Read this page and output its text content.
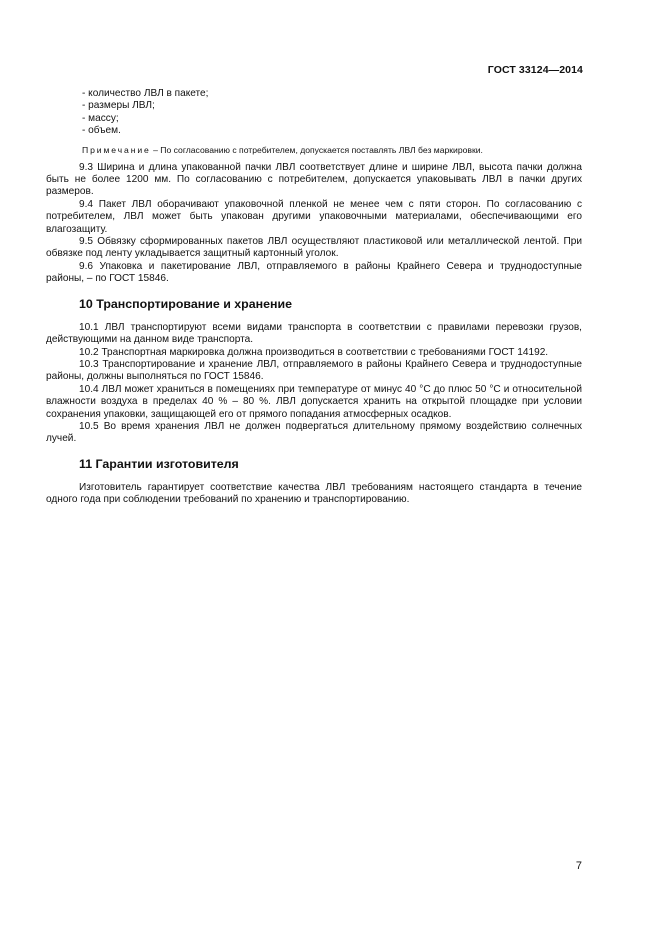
ГОСТ 33124—2014
- количество ЛВЛ в пакете;
- размеры ЛВЛ;
- массу;
- объем.
Примечание – По согласованию с потребителем, допускается поставлять ЛВЛ без маркировки.

9.3 Ширина и длина упакованной пачки ЛВЛ соответствует длине и ширине ЛВЛ, высота пачки должна быть не более 1200 мм. По согласованию с потребителем, допускается упаковывать ЛВЛ в пачки других размеров.

9.4 Пакет ЛВЛ оборачивают упаковочной пленкой не менее чем с пяти сторон. По согласованию с потребителем, ЛВЛ может быть упакован другими упаковочными материалами, обеспечивающими его влагозащиту.

9.5 Обвязку сформированных пакетов ЛВЛ осуществляют пластиковой или металлической лентой. При обвязке под ленту укладывается защитный картонный уголок.

9.6 Упаковка и пакетирование ЛВЛ, отправляемого в районы Крайнего Севера и труднодоступные районы, – по ГОСТ 15846.

10 Транспортирование и хранение

10.1 ЛВЛ транспортируют всеми видами транспорта в соответствии с правилами перевозки грузов, действующими на данном виде транспорта.

10.2 Транспортная маркировка должна производиться в соответствии с требованиями ГОСТ 14192.

10.3 Транспортирование и хранение ЛВЛ, отправляемого в районы Крайнего Севера и труднодоступные районы, должны выполняться по ГОСТ 15846.

10.4 ЛВЛ может храниться в помещениях при температуре от минус 40 °С до плюс 50 °С и относительной влажности воздуха в пределах 40 % – 80 %. ЛВЛ допускается хранить на открытой площадке при условии сохранения упаковки, защищающей его от прямого попадания атмосферных осадков.

10.5 Во время хранения ЛВЛ не должен подвергаться длительному прямому воздействию солнечных лучей.

11 Гарантии изготовителя

Изготовитель гарантирует соответствие качества ЛВЛ требованиям настоящего стандарта в течение одного года при соблюдении требований по хранению и транспортированию.

7
